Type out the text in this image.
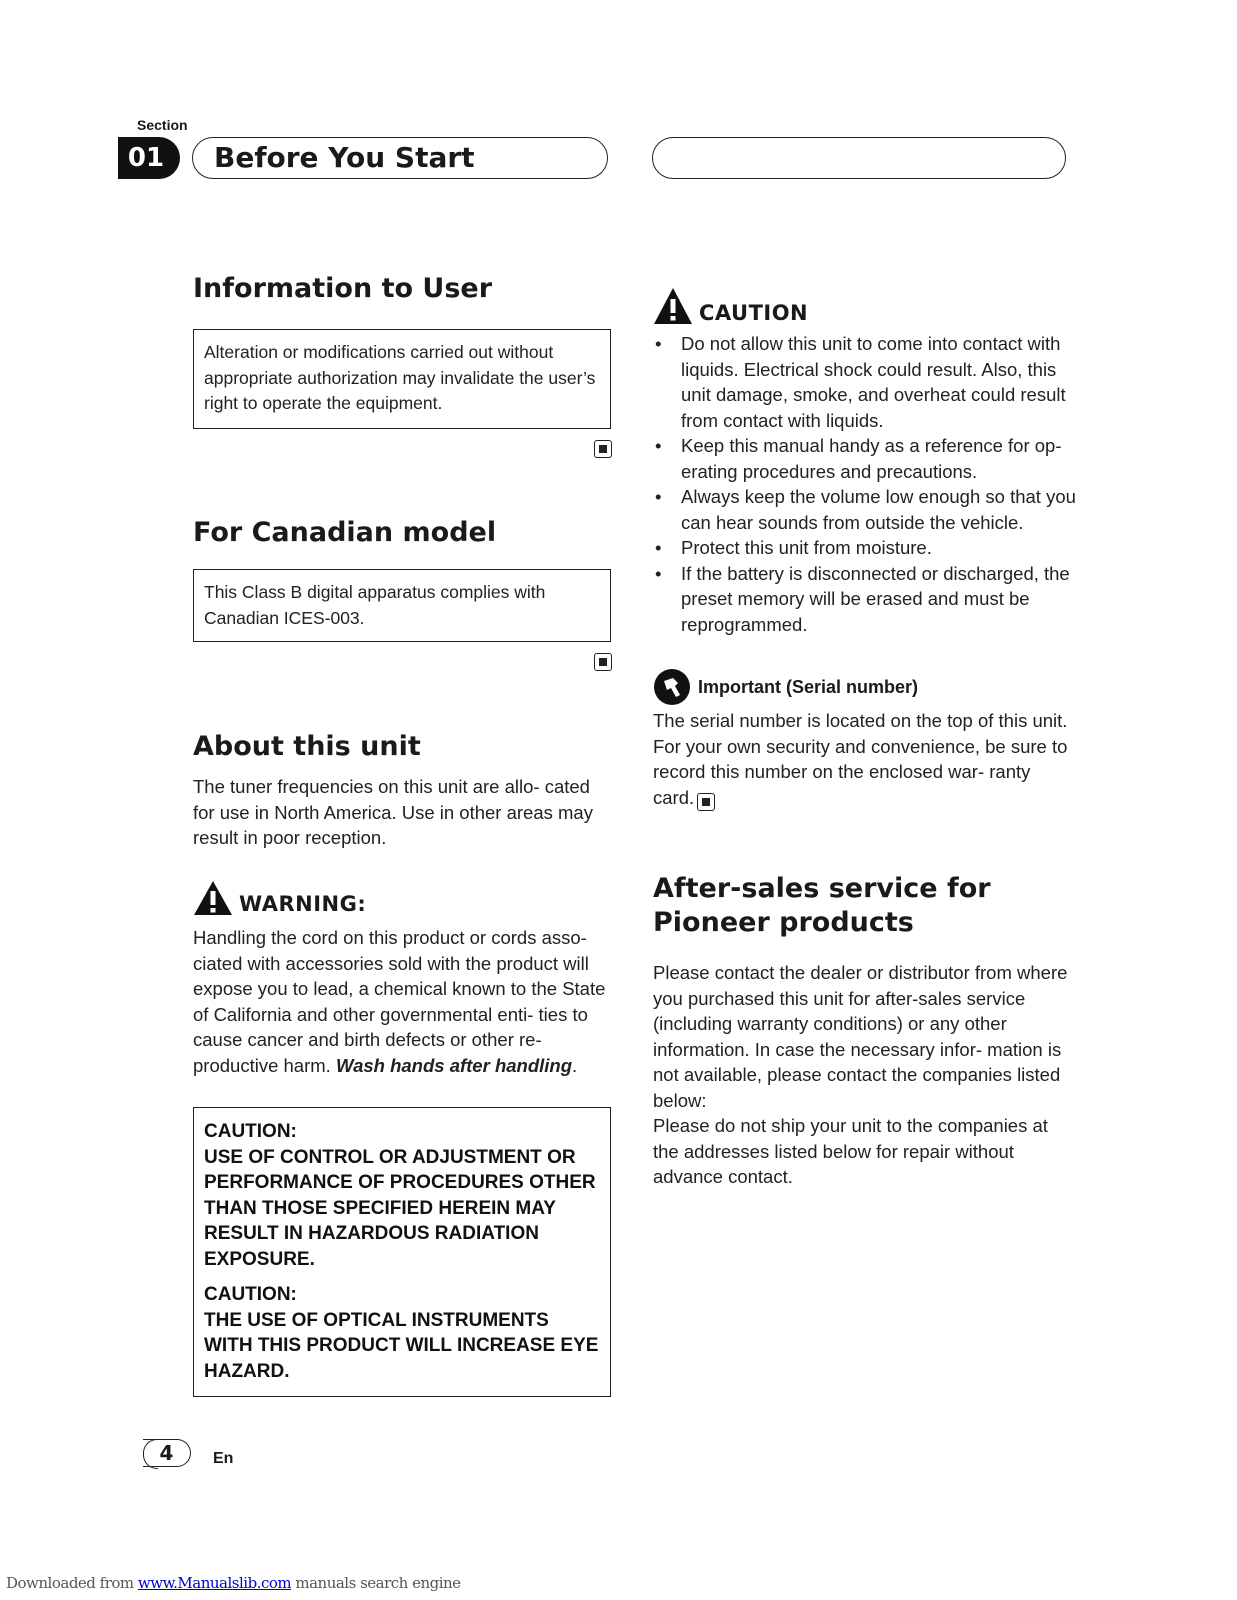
Section
01	Before You Start
Information to User
Alteration or modifications carried out without appropriate authorization may invalidate the user’s right to operate the equipment.
For Canadian model
This Class B digital apparatus complies with Canadian ICES-003.
About this unit
The tuner frequencies on this unit are allo- cated for use in North America. Use in other areas may result in poor reception.
WARNING:
Handling the cord on this product or cords asso- ciated with accessories sold with the product will expose you to lead, a chemical known to the State of California and other governmental enti- ties to cause cancer and birth defects or other re- productive harm. Wash hands after handling.
CAUTION:
USE OF CONTROL OR ADJUSTMENT OR PERFORMANCE OF PROCEDURES OTHER THAN THOSE SPECIFIED HEREIN MAY RESULT IN HAZARDOUS RADIATION EXPOSURE.
CAUTION:
THE USE OF OPTICAL INSTRUMENTS WITH THIS PRODUCT WILL INCREASE EYE HAZARD.
CAUTION
• Do not allow this unit to come into contact with liquids. Electrical shock could result. Also, this unit damage, smoke, and overheat could result from contact with liquids.
• Keep this manual handy as a reference for op- erating procedures and precautions.
• Always keep the volume low enough so that you can hear sounds from outside the vehicle.
• Protect this unit from moisture.
• If the battery is disconnected or discharged, the preset memory will be erased and must be reprogrammed.
Important (Serial number)
The serial number is located on the top of this unit. For your own security and convenience, be sure to record this number on the enclosed war- ranty card.
After-sales service for Pioneer products
Please contact the dealer or distributor from where you purchased this unit for after-sales service (including warranty conditions) or any other information. In case the necessary infor- mation is not available, please contact the companies listed below:
Please do not ship your unit to the companies at the addresses listed below for repair without advance contact.
4 En
Downloaded from www.Manualslib.com manuals search engine
